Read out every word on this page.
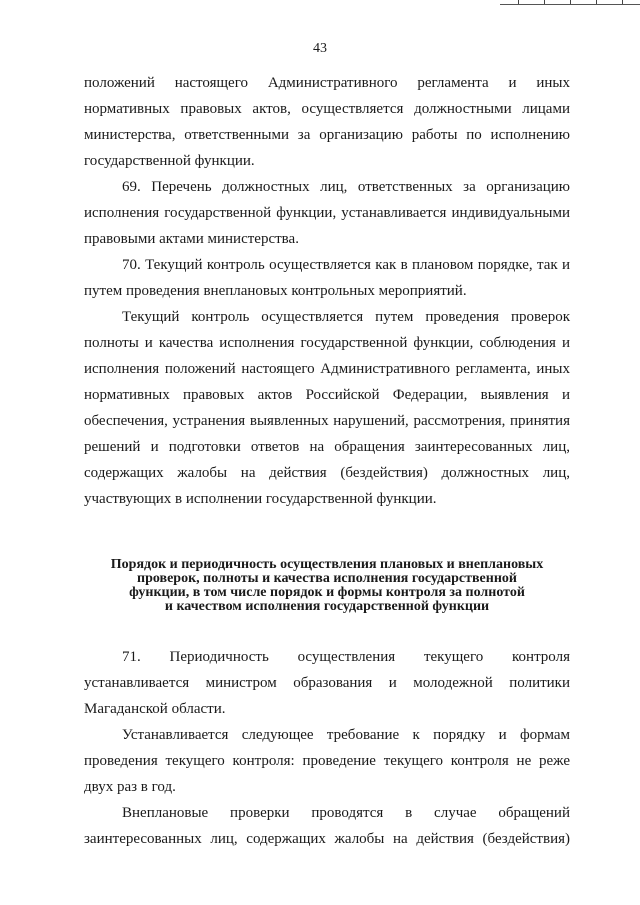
43

положений настоящего Административного регламента и иных нормативных правовых актов, осуществляется должностными лицами министерства, ответственными за организацию работы по исполнению государственной функции.

69. Перечень должностных лиц, ответственных за организацию исполнения государственной функции, устанавливается индивидуальными правовыми актами министерства.

70. Текущий контроль осуществляется как в плановом порядке, так и путем проведения внеплановых контрольных мероприятий.

Текущий контроль осуществляется путем проведения проверок полноты и качества исполнения государственной функции, соблюдения и исполнения положений настоящего Административного регламента, иных нормативных правовых актов Российской Федерации, выявления и обеспечения, устранения выявленных нарушений, рассмотрения, принятия решений и подготовки ответов на обращения заинтересованных лиц, содержащих жалобы на действия (бездействия) должностных лиц, участвующих в исполнении государственной функции.

Порядок и периодичность осуществления плановых и внеплановых
проверок, полноты и качества исполнения государственной
функции, в том числе порядок и формы контроля за полнотой
и качеством исполнения государственной функции

71. Периодичность осуществления текущего контроля устанавливается министром образования и молодежной политики Магаданской области.

Устанавливается следующее требование к порядку и формам проведения текущего контроля: проведение текущего контроля не реже двух раз в год.

Внеплановые проверки проводятся в случае обращений заинтересованных лиц, содержащих жалобы на действия (бездействия)
